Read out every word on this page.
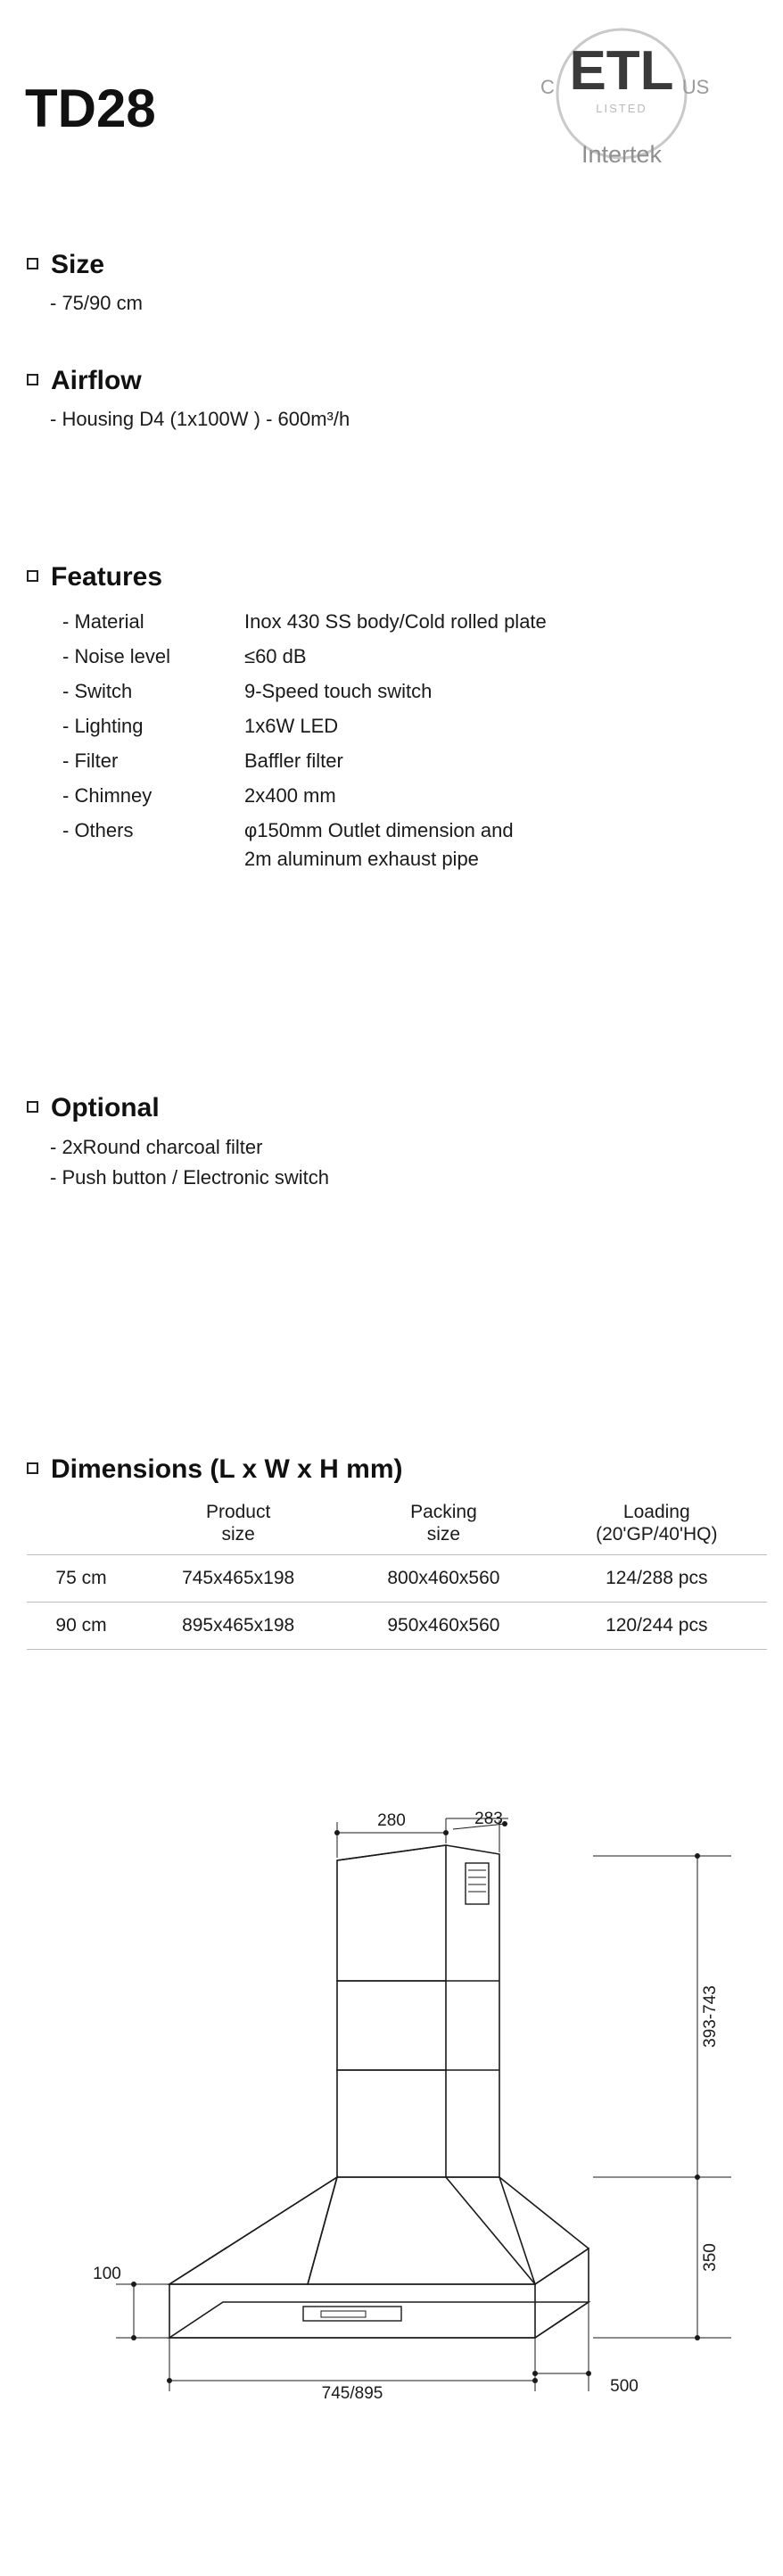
TD28
ETL
LISTED
C	US
Intertek
Size
- 75/90 cm
Airflow
- Housing D4 (1x100W ) - 600m³/h
Features
- Material	Inox 430 SS body/Cold rolled plate
- Noise level	≤60 dB
- Switch	9-Speed touch switch
- Lighting	1x6W LED
- Filter	Baffler filter
- Chimney	2x400 mm
- Others	φ150mm Outlet dimension and
2m aluminum exhaust pipe
Optional
- 2xRound charcoal filter
- Push button / Electronic switch
Dimensions (L x W x H mm)

Product
size

Packing
size

Loading
(20'GP/40'HQ)

75 cm	745x465x198	800x460x560	124/288 pcs
90 cm	895x465x198	950x460x560	120/244 pcs
280	283
100
745/895	500
393-743
350
